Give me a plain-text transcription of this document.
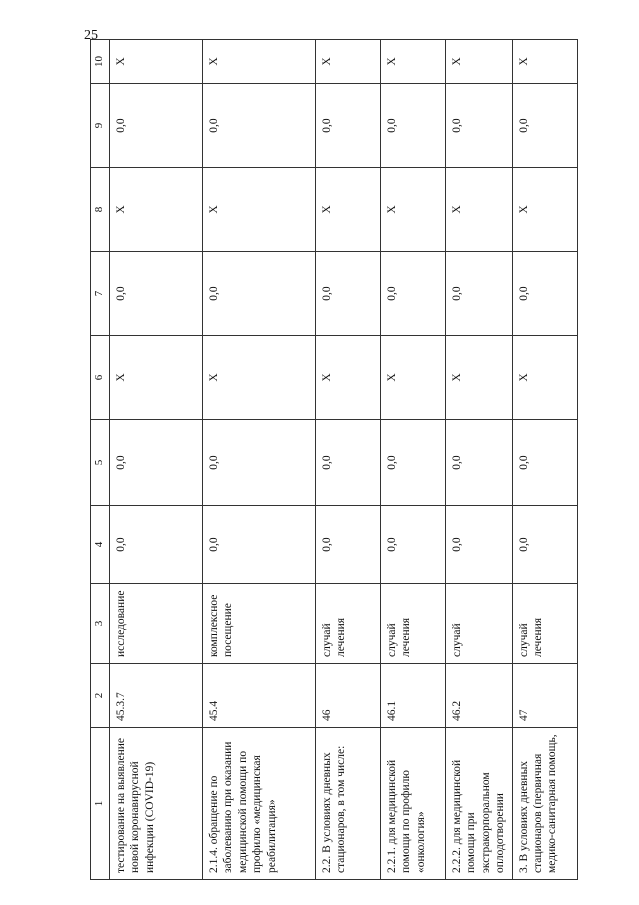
25
1	2	3	4	5	6	7	8	9	10
тестирование на выявление новой коронавирусной инфекции (COVID-19)	45.3.7	исследование	0,0	0,0	Х	0,0	Х	0,0	Х
2.1.4. обращение по заболеванию при оказании медицинской помощи по профилю «медицинская реабилитация»	45.4	комплексное посещение	0,0	0,0	Х	0,0	Х	0,0	Х
2.2. В условиях дневных стационаров, в том числе:	46	случай лечения	0,0	0,0	Х	0,0	Х	0,0	Х
2.2.1. для медицинской помощи по профилю «онкология»	46.1	случай лечения	0,0	0,0	Х	0,0	Х	0,0	Х
2.2.2. для медицинской помощи при экстракорпоральном оплодотворении	46.2	случай	0,0	0,0	Х	0,0	Х	0,0	Х
3. В условиях дневных стационаров (первичная медико-санитарная помощь,	47	случай лечения	0,0	0,0	Х	0,0	Х	0,0	Х
